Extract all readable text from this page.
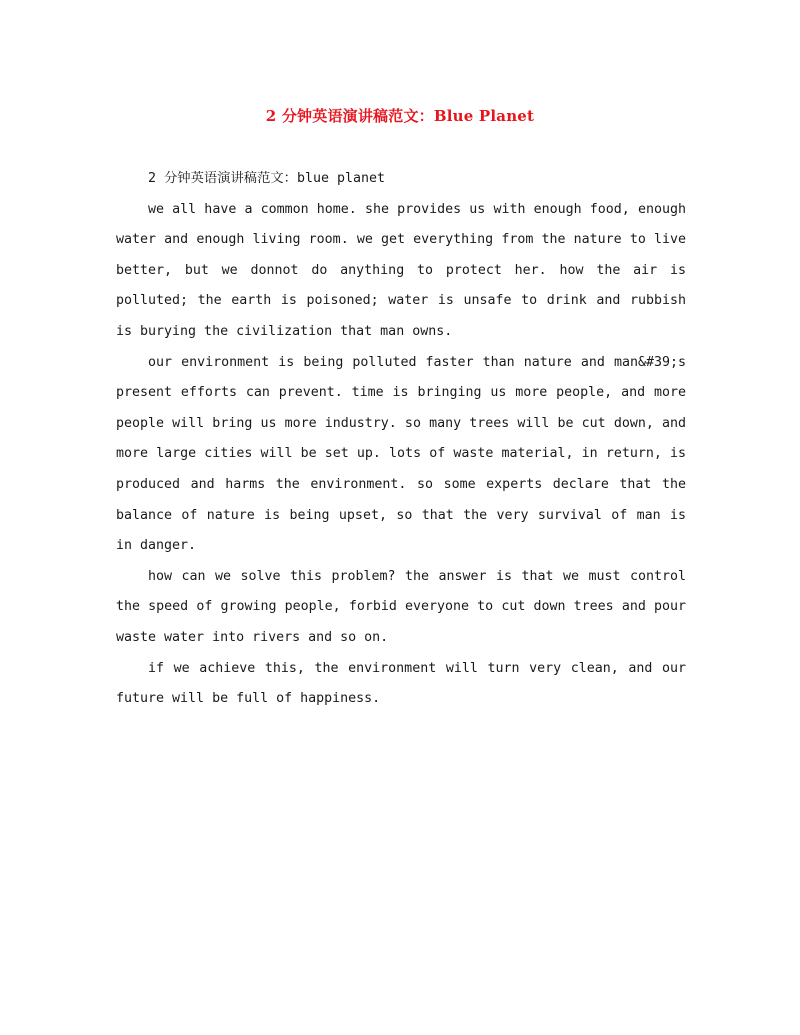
2 分钟英语演讲稿范文：Blue Planet

2 分钟英语演讲稿范文：blue planet

we all have a common home. she provides us with enough food, enough water and enough living room. we get everything from the nature to live better, but we donnot do anything to protect her. how the air is polluted; the earth is poisoned; water is unsafe to drink and rubbish is burying the civilization that man owns.

our environment is being polluted faster than nature and man&#39;s present efforts can prevent. time is bringing us more people, and more people will bring us more industry. so many trees will be cut down, and more large cities will be set up. lots of waste material, in return, is produced and harms the environment. so some experts declare that the balance of nature is being upset, so that the very survival of man is in danger.

how can we solve this problem? the answer is that we must control the speed of growing people, forbid everyone to cut down trees and pour waste water into rivers and so on.

if we achieve this, the environment will turn very clean, and our future will be full of happiness.
